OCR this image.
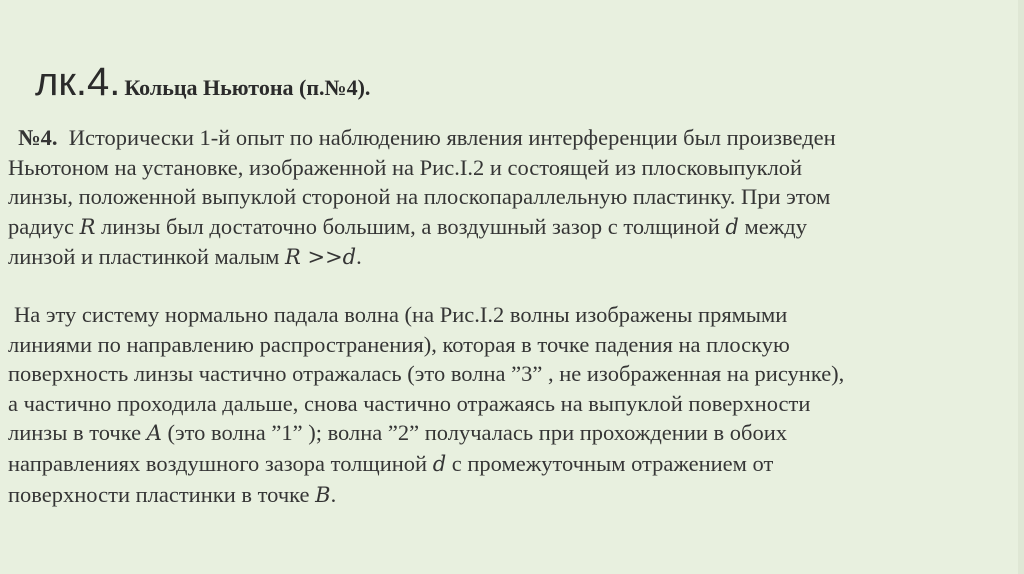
лк.4. Кольца Ньютона (п.№4).
№4. Исторически 1-й опыт по наблюдению явления интерференции был произведен
Ньютоном на установке, изображенной на Рис.I.2 и состоящей из плосковыпуклой
линзы, положенной выпуклой стороной на плоскопараллельную пластинку. При этом
радиус R линзы был достаточно большим, а воздушный зазор с толщиной d между
линзой и пластинкой малым R >>d.
На эту систему нормально падала волна (на Рис.I.2 волны изображены прямыми
линиями по направлению распространения), которая в точке падения на плоскую
поверхность линзы частично отражалась (это волна ”3” , не изображенная на рисунке),
а частично проходила дальше, снова частично отражаясь на выпуклой поверхности
линзы в точке A (это волна ”1” ); волна ”2” получалась при прохождении в обоих
направлениях воздушного зазора толщиной d с промежуточным отражением от
поверхности пластинки в точке B.
